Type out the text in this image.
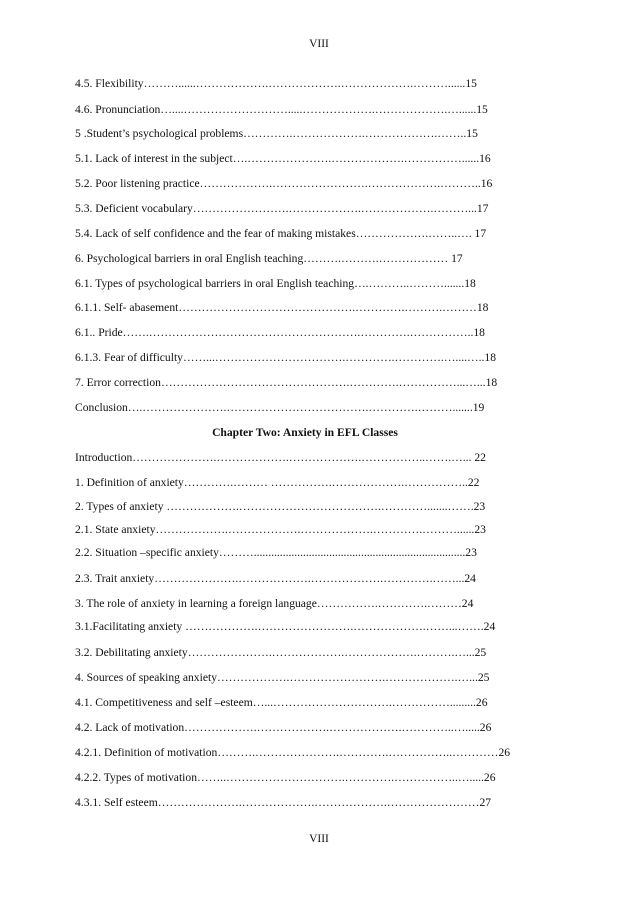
VIII
4.5. Flexibility………......……………….……………….……………….………......15
4.6. Pronunciation…....……………………….....……………….……………….…......15
5 .Student’s psychological problems………….……………….……………….……..15
5.1. Lack of interest in the subject….………………….……………….……………......16
5.2. Poor listening practice……………….…………………….……………….………..16
5.3. Deficient vocabulary…………………….……………….……………….………...17
5.4. Lack of self confidence and the fear of making mistakes……………….……..…. 17
6. Psychological barriers in oral English teaching……….……….……………… 17
6.1. Types of psychological barriers in oral English teaching….………..……….......18
6.1.1. Self- abasement……………………………………….………….……….………18
6.1.. Pride…….……………………………………………….………….……………..18
6.1.3. Fear of difficulty……...…………………………….………….………….…....…..18
7. Error correction………………………………………….………….……………...…...18
Conclusion….………………….……………………………….………….……….......19
Chapter Two: Anxiety in EFL Classes
Introduction………………….……………….……………….……………..…….…... 22
1. Definition of anxiety………….……… …………….……………….……………..22
2. Types of anxiety ……………….……………………………….………….......…….23
2.1. State anxiety……………….……………….……………….………….………......23
2.2. Situation –specific anxiety……….........................................................................23
2.3. Trait anxiety………………….……………….……………….………….……...24
3. The role of anxiety in learning a foreign language…………….………….………24
3.1.Facilitating anxiety ……………….…………………….……………….……...…….24
3.2. Debilitating anxiety………………….……………….……………….……….…...25
4. Sources of speaking anxiety……………….…………………….……………….…...25
4.1. Competitiveness and self –esteem…...………………………….…………….........26
4.2. Lack of motivation……………….……………….……………….…………..….....26
4.2.1. Definition of motivation……….………………….………….……………..…………26
4.2.2. Types of motivation……..………………………….………….……………..….....26
4.3.1. Self esteem………………….……………….……………….……………………27
VIII
